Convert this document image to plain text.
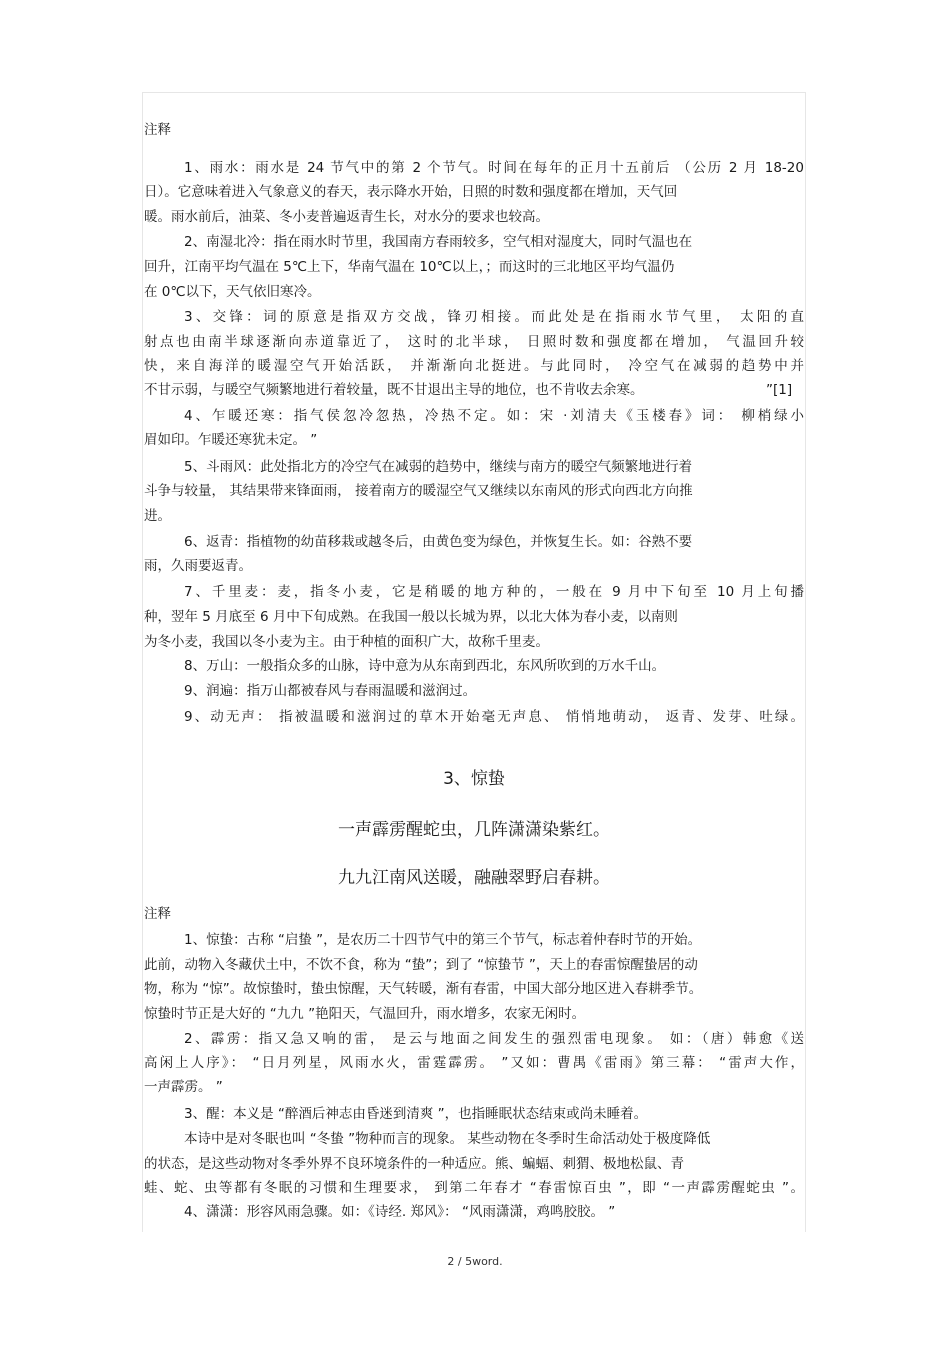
注释
1、雨水：雨水是 24 节气中的第 2 个节气。时间在每年的正月十五前后 （公历 2 月 18-20
日）。它意味着进入气象意义的春天，表示降水开始，日照的时数和强度都在增加，天气回
暖。雨水前后，油菜、冬小麦普遍返青生长，对水分的要求也较高。
2、南湿北冷：指在雨水时节里，我国南方春雨较多，空气相对湿度大，同时气温也在
回升，江南平均气温在 5℃上下，华南气温在 10℃以上，；而这时的三北地区平均气温仍
在 0℃以下，天气依旧寒冷。
3、交锋：词的原意是指双方交战，锋刃相接。而此处是在指雨水节气里， 太阳的直
射点也由南半球逐渐向赤道靠近了， 这时的北半球， 日照时数和强度都在增加， 气温回升较
快，来自海洋的暖湿空气开始活跃， 并渐渐向北挺进。与此同时， 冷空气在减弱的趋势中并
不甘示弱，与暖空气频繁地进行着较量，既不甘退出主导的地位，也不肯收去余寒。	”[1]
4、乍暖还寒：指气侯忽冷忽热，冷热不定。如：宋 ·刘清夫《玉楼春》词： 柳梢绿小
眉如印。乍暖还寒犹未定。 ”
5、斗雨风：此处指北方的冷空气在减弱的趋势中，继续与南方的暖空气频繁地进行着
斗争与较量， 其结果带来锋面雨， 接着南方的暖湿空气又继续以东南风的形式向西北方向推
进。
6、返青：指植物的幼苗移栽或越冬后，由黄色变为绿色，并恢复生长。如：谷熟不要
雨，久雨要返青。
7、千里麦：麦，指冬小麦，它是稍暖的地方种的，一般在 9 月中下旬至 10 月上旬播
种，翌年 5 月底至 6 月中下旬成熟。在我国一般以长城为界，以北大体为春小麦，以南则
为冬小麦，我国以冬小麦为主。由于种植的面积广大，故称千里麦。
8、万山：一般指众多的山脉，诗中意为从东南到西北，东风所吹到的万水千山。
9、润遍：指万山都被春风与春雨温暖和滋润过。
9、动无声： 指被温暖和滋润过的草木开始毫无声息、 悄悄地萌动， 返青、发芽、吐绿。
3、惊蛰
一声霹雳醒蛇虫，几阵潇潇染紫红。
九九江南风送暖，融融翠野启春耕。
注释
1、惊蛰：古称 “启蛰 ”，是农历二十四节气中的第三个节气，标志着仲春时节的开始。
此前，动物入冬藏伏土中，不饮不食，称为 “蛰”；到了 “惊蛰节 ”，天上的春雷惊醒蛰居的动
物，称为 “惊”。故惊蛰时，蛰虫惊醒，天气转暖，渐有春雷，中国大部分地区进入春耕季节。
惊蛰时节正是大好的 “九九 ”艳阳天，气温回升，雨水增多，农家无闲时。
2、霹雳：指又急又响的雷， 是云与地面之间发生的强烈雷电现象。 如：（唐）韩愈《送
高闲上人序》： “日月列星，风雨水火，雷霆霹雳。 ”又如：曹禺《雷雨》第三幕： “雷声大作，
一声霹雳。 ”
3、醒：本义是 “醉酒后神志由昏迷到清爽 ”，也指睡眠状态结束或尚未睡着。
本诗中是对冬眠也叫 “冬蛰 ”物种而言的现象。 某些动物在冬季时生命活动处于极度降低
的状态，是这些动物对冬季外界不良环境条件的一种适应。熊、蝙蝠、刺猬、极地松鼠、青
蛙、蛇、虫等都有冬眠的习惯和生理要求， 到第二年春才 “春雷惊百虫 ”，即 “一声霹雳醒蛇虫 ”。
4、潇潇：形容风雨急骤。如：《诗经. 郑风》： “风雨潇潇，鸡鸣胶胶。 ”
2 / 5word.
